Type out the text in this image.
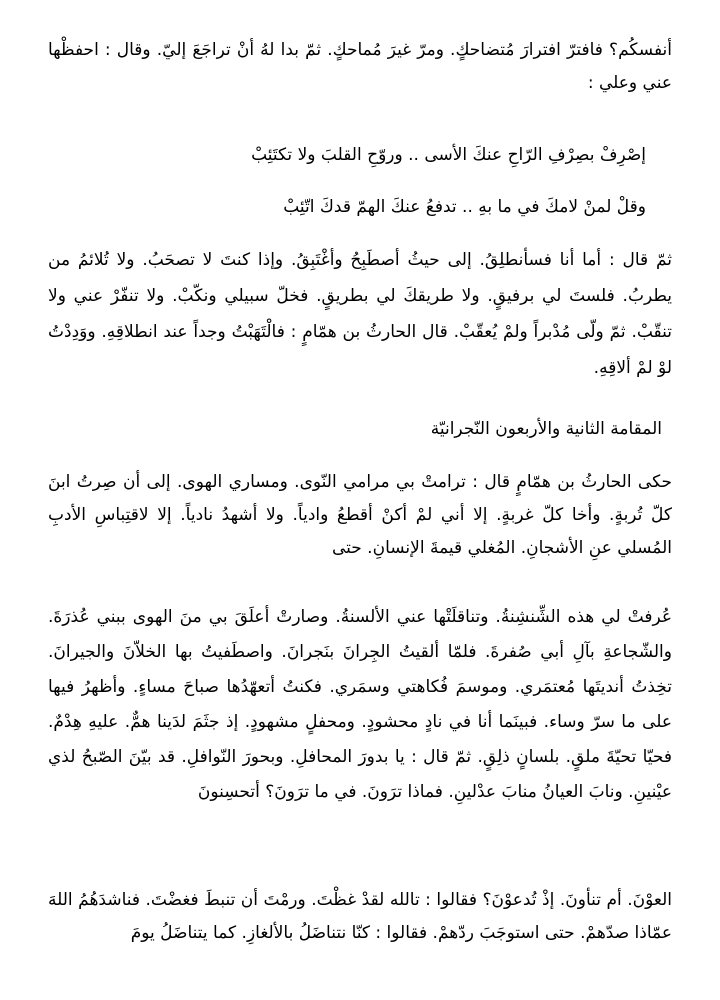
أنفسكُم؟ فافترّ افترارَ مُتضاحكٍ. ومرّ غيرَ مُماحكٍ. ثمّ بدا لهُ أنْ تراجَعَ إليّ. وقال : احفظْها عني وعلي :

إصْرِفْ بصِرْفِ الرّاحِ عنكَ الأسى .. وروّحِ القلبَ ولا تكتَئِبْ

وقلْ لمنْ لامكَ في ما بهِ .. تدفعُ عنكَ الهمّ قدكَ اتّئِبْ

ثمّ قال : أما أنا فسأنطلِقُ. إلى حيثُ أصطَبِحُ وأغْتَبِقُ. وإذا كنتَ لا تصحَبُ. ولا تُلائمُ من يطربُ. فلستَ لي برفيقٍ. ولا طريقكَ لي بطريقٍ. فخلّ سبيلي ونكّبْ. ولا تنفّرْ عني ولا تنقّبْ. ثمّ ولّى مُدْبراً ولمْ يُعقّبْ. قال الحارثُ بن همّامٍ : فالْتَهَبْتُ وجداً عند انطلاقِهِ. ووَدِدْتُ لوْ لمْ ألاقِهِ.

المقامة الثانية والأربعون النّجرانيّة

حكى الحارثُ بن همّامٍ قال : ترامتْ بي مرامي النّوى. ومساري الهوى. إلى أن صِرتُ ابنَ كلّ تُربةٍ. وأخا كلّ غربةٍ. إلا أني لمْ أكنْ أقطعُ وادياً. ولا أشهدُ نادياً. إلا لاقتِباسِ الأدبِ المُسلي عنِ الأشجانِ. المُغلي قيمةَ الإنسانِ. حتى

عُرفتْ لي هذه الشِّنشِنةُ. وتناقلَتْها عني الألسنةُ. وصارتْ أعلَقَ بي منَ الهوى ببني عُذرَةَ. والشّجاعةِ بآلِ أبي صُفرةَ. فلمّا ألقيتُ الجِرانَ بنَجرانَ. واصطَفيتُ بها الخلاّنَ والجيرانَ. تخِذتُ أنديتَها مُعتمَري. وموسمَ فُكاهتي وسمَري. فكنتُ أتعهّدُها صباحَ مساءٍ. وأظهرُ فيها على ما سرّ وساء. فبينَما أنا في نادٍ محشودٍ. ومحفلٍ مشهودٍ. إذ جثَمَ لدَينا همٌّ. عليهِ هِدْمٌ. فحيّا تحيّةَ ملقٍ. بلسانٍ ذلِقٍ. ثمّ قال : يا بدورَ المحافلِ. وبحورَ النّوافلِ. قد بيّنَ الصّبحُ لذي عيْنينِ. ونابَ العيانُ منابَ عدْلينِ. فماذا ترَونَ. في ما ترَونَ؟ أتحسِنونَ

العوْنَ. أم تنأونَ. إذْ تُدعوْنَ؟ فقالوا : تالله لقدْ غظْتَ. ورمْتَ أن تنبطَ فغضْتَ. فناشدَهُمُ اللهَ عمّاذا صدّهمْ. حتى استوجَبَ ردّهمْ. فقالوا : كنّا نتناضَلُ بالألغازِ. كما يتناضَلُ يومَ
